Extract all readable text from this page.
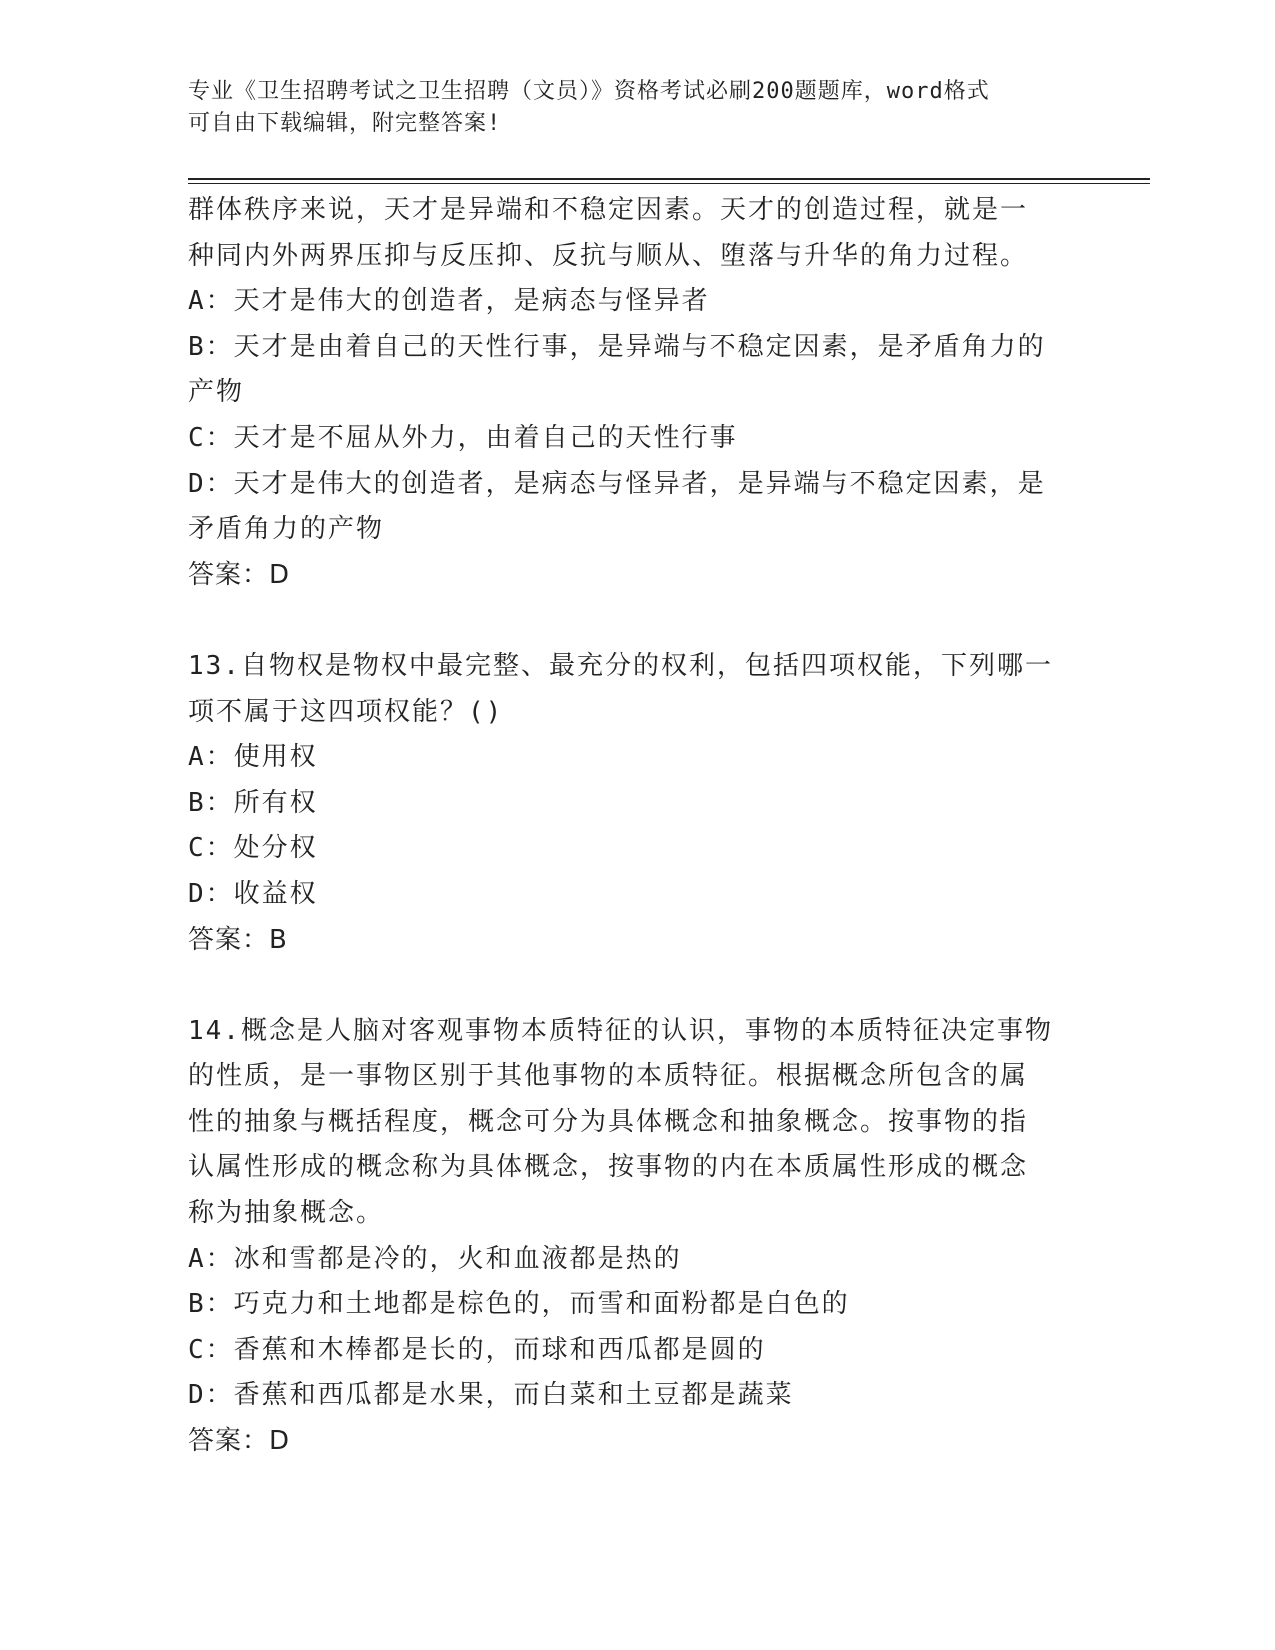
专业《卫生招聘考试之卫生招聘（文员）》资格考试必刷200题题库，word格式
可自由下载编辑，附完整答案!
群体秩序来说，天才是异端和不稳定因素。天才的创造过程，就是一
种同内外两界压抑与反压抑、反抗与顺从、堕落与升华的角力过程。
A：天才是伟大的创造者，是病态与怪异者
B：天才是由着自己的天性行事，是异端与不稳定因素，是矛盾角力的
产物
C：天才是不屈从外力，由着自己的天性行事
D：天才是伟大的创造者，是病态与怪异者，是异端与不稳定因素，是
矛盾角力的产物
答案：D
13.自物权是物权中最完整、最充分的权利，包括四项权能，下列哪一
项不属于这四项权能？()
A：使用权
B：所有权
C：处分权
D：收益权
答案：B
14.概念是人脑对客观事物本质特征的认识，事物的本质特征决定事物
的性质，是一事物区别于其他事物的本质特征。根据概念所包含的属
性的抽象与概括程度，概念可分为具体概念和抽象概念。按事物的指
认属性形成的概念称为具体概念，按事物的内在本质属性形成的概念
称为抽象概念。
A：冰和雪都是冷的，火和血液都是热的
B：巧克力和土地都是棕色的，而雪和面粉都是白色的
C：香蕉和木棒都是长的，而球和西瓜都是圆的
D：香蕉和西瓜都是水果，而白菜和土豆都是蔬菜
答案：D
